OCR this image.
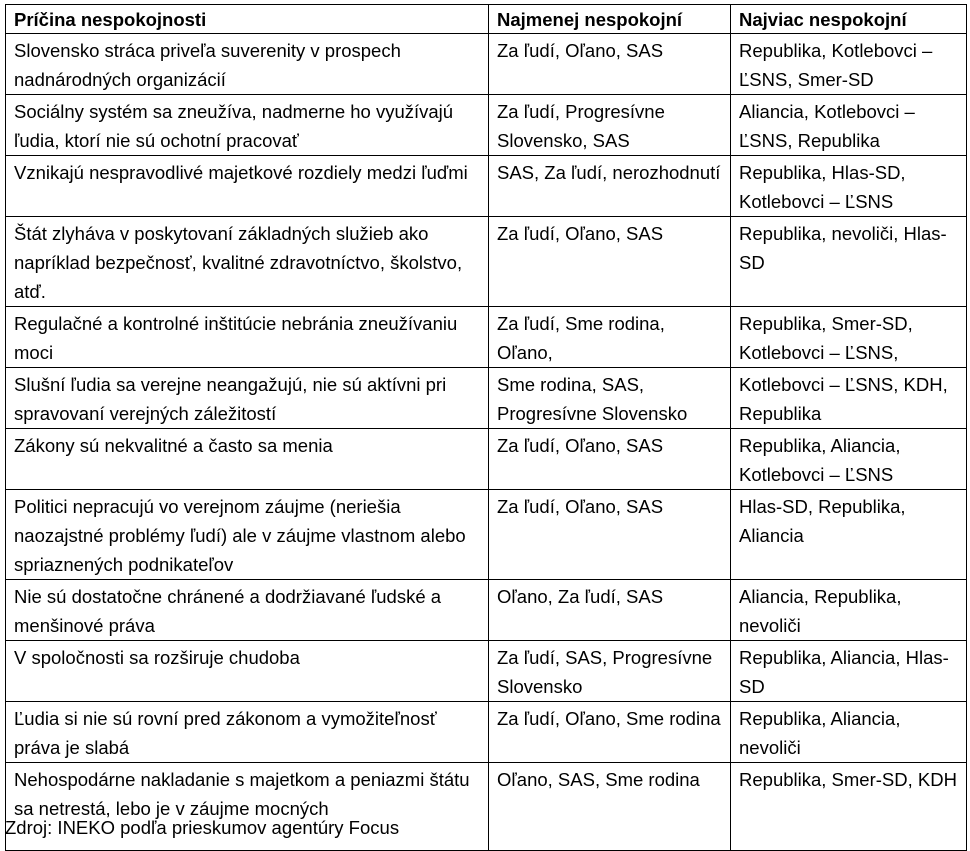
Príčina nespokojnosti	Najmenej nespokojní	Najviac nespokojní
Slovensko stráca priveľa suverenity v prospech nadnárodných organizácií	Za ľudí, Oľano, SAS	Republika, Kotlebovci – ĽSNS, Smer-SD
Sociálny systém sa zneužíva, nadmerne ho využívajú ľudia, ktorí nie sú ochotní pracovať	Za ľudí, Progresívne Slovensko, SAS	Aliancia, Kotlebovci – ĽSNS, Republika
Vznikajú nespravodlivé majetkové rozdiely medzi ľuďmi	SAS, Za ľudí, nerozhodnutí	Republika, Hlas-SD, Kotlebovci – ĽSNS
Štát zlyháva v poskytovaní základných služieb ako napríklad bezpečnosť, kvalitné zdravotníctvo, školstvo, atď.	Za ľudí, Oľano, SAS	Republika, nevoliči, Hlas-SD
Regulačné a kontrolné inštitúcie nebránia zneužívaniu moci	Za ľudí, Sme rodina, Oľano,	Republika, Smer-SD, Kotlebovci – ĽSNS,
Slušní ľudia sa verejne neangažujú, nie sú aktívni pri spravovaní verejných záležitostí	Sme rodina, SAS, Progresívne Slovensko	Kotlebovci – ĽSNS, KDH, Republika
Zákony sú nekvalitné a často sa menia	Za ľudí, Oľano, SAS	Republika, Aliancia, Kotlebovci – ĽSNS
Politici nepracujú vo verejnom záujme (neriešia naozajstné problémy ľudí) ale v záujme vlastnom alebo spriaznených podnikateľov	Za ľudí, Oľano, SAS	Hlas-SD, Republika, Aliancia
Nie sú dostatočne chránené a dodržiavané ľudské a menšinové práva	Oľano, Za ľudí, SAS	Aliancia, Republika, nevoliči
V spoločnosti sa rozširuje chudoba	Za ľudí, SAS, Progresívne Slovensko	Republika, Aliancia, Hlas-SD
Ľudia si nie sú rovní pred zákonom a vymožiteľnosť práva je slabá	Za ľudí, Oľano, Sme rodina	Republika, Aliancia, nevoliči
Nehospodárne nakladanie s majetkom a peniazmi štátu sa netrestá, lebo je v záujme mocných	Oľano, SAS, Sme rodina	Republika, Smer-SD, KDH
Zdroj: INEKO podľa prieskumov agentúry Focus
